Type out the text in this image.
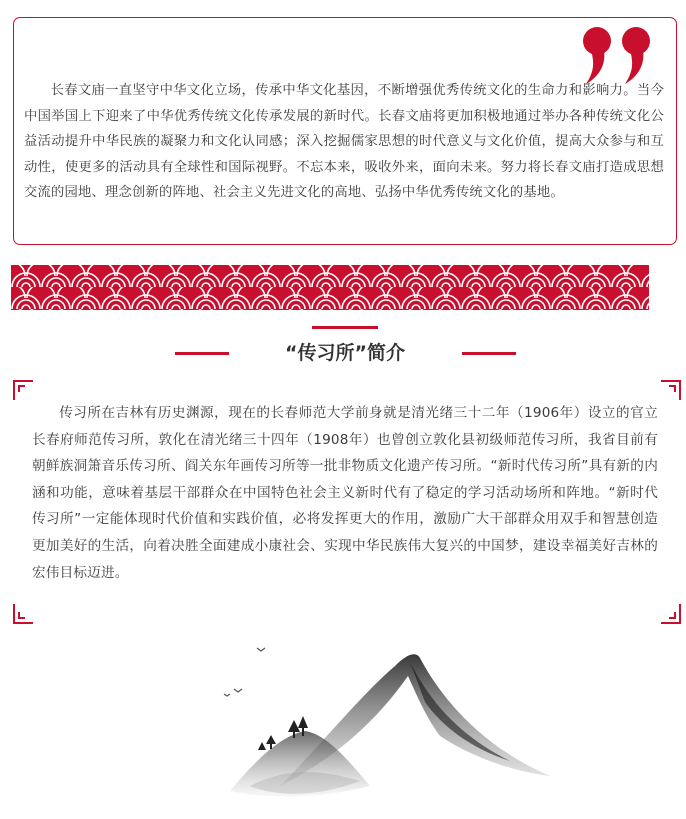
长春文庙一直坚守中华文化立场，传承中华文化基因，不断增强优秀传统文化的生命力和影响力。当今中国举国上下迎来了中华优秀传统文化传承发展的新时代。长春文庙将更加积极地通过举办各种传统文化公益活动提升中华民族的凝聚力和文化认同感；深入挖掘儒家思想的时代意义与文化价值，提高大众参与和互动性，使更多的活动具有全球性和国际视野。不忘本来，吸收外来，面向未来。努力将长春文庙打造成思想交流的园地、理念创新的阵地、社会主义先进文化的高地、弘扬中华优秀传统文化的基地。

“传习所”简介

传习所在吉林有历史渊源，现在的长春师范大学前身就是清光绪三十二年（1906年）设立的官立长春府师范传习所，敦化在清光绪三十四年（1908年）也曾创立敦化县初级师范传习所，我省目前有朝鲜族洞箫音乐传习所、阎关东年画传习所等一批非物质文化遗产传习所。“新时代传习所”具有新的内涵和功能，意味着基层干部群众在中国特色社会主义新时代有了稳定的学习活动场所和阵地。“新时代传习所”一定能体现时代价值和实践价值，必将发挥更大的作用，激励广大干部群众用双手和智慧创造更加美好的生活，向着决胜全面建成小康社会、实现中华民族伟大复兴的中国梦，建设幸福美好吉林的宏伟目标迈进。
